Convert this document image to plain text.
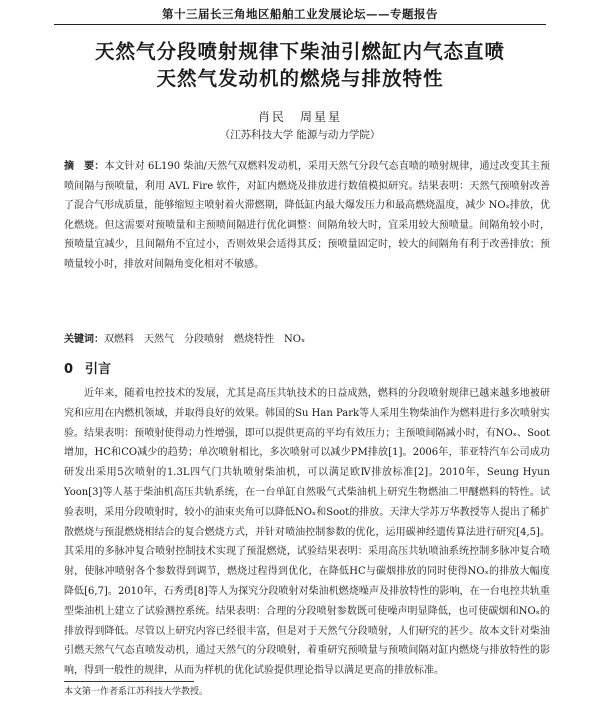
第十三届长三角地区船舶工业发展论坛——专题报告
天然气分段喷射规律下柴油引燃缸内气态直喷
天然气发动机的燃烧与排放特性
肖民　周星星
（江苏科技大学 能源与动力学院）
摘　要：本文针对 6L190 柴油/天然气双燃料发动机，采用天然气分段气态直喷的喷射规律，通过改变其主预喷间隔与预喷量，利用 AVL Fire 软件，对缸内燃烧及排放进行数值模拟研究。结果表明：天然气预喷射改善了混合气形成质量，能够缩短主喷射着火滞燃期，降低缸内最大爆发压力和最高燃烧温度，减少 NOₓ排放，优化燃烧。但这需要对预喷量和主预喷间隔进行优化调整：间隔角较大时，宜采用较大预喷量。间隔角较小时，预喷量宜减少，且间隔角不宜过小，否则效果会适得其反；预喷量固定时，较大的间隔角有利于改善排放；预喷量较小时，排放对间隔角变化相对不敏感。
关键词：双燃料　天然气　分段喷射　燃烧特性　NOₓ
0 引言
近年来，随着电控技术的发展，尤其是高压共轨技术的日益成熟，燃料的分段喷射规律已越来越多地被研究和应用在内燃机领域，并取得良好的效果。韩国的Su Han Park等人采用生物柴油作为燃料进行多次喷射实验。结果表明：预喷射使得动力性增强，即可以提供更高的平均有效压力；主预喷间隔减小时，有NOₓ、Soot增加，HC和CO减少的趋势；单次喷射相比，多次喷射可以减少PM排放[1]。2006年，菲亚特汽车公司成功研发出采用5次喷射的1.3L四气门共轨喷射柴油机，可以满足欧Ⅳ排放标准[2]。2010年，Seung Hyun Yoon[3]等人基于柴油机高压共轨系统，在一台单缸自然吸气式柴油机上研究生物燃油二甲醚燃料的特性。试验表明，采用分段喷射时，较小的油束夹角可以降低NOₓ和Soot的排放。天津大学苏万华教授等人提出了稀扩散燃烧与预混燃烧相结合的复合燃烧方式，并针对喷油控制参数的优化，运用碳神经遗传算法进行研究[4,5]。其采用的多脉冲复合喷射控制技术实现了预混燃烧，试验结果表明：采用高压共轨喷油系统控制多脉冲复合喷射，使脉冲喷射各个参数得到调节，燃烧过程得到优化，在降低HC与碳烟排放的同时使得NOₓ的排放大幅度降低[6,7]。2010年，石秀勇[8]等人为探究分段喷射对柴油机燃烧噪声及排放特性的影响，在一台电控共轨重型柴油机上建立了试验测控系统。结果表明：合理的分段喷射参数既可使噪声明显降低，也可使碳烟和NOₓ的排放得到降低。尽管以上研究内容已经很丰富，但是对于天然气分段喷射，人们研究的甚少。故本文针对柴油引燃天然气气态直喷发动机，通过天然气的分段喷射，着重研究预喷量与预喷间隔对缸内燃烧与排放特性的影响，得到一般性的规律，从而为样机的优化试验提供理论指导以满足更高的排放标准。
本文第一作者系江苏科技大学教授。
